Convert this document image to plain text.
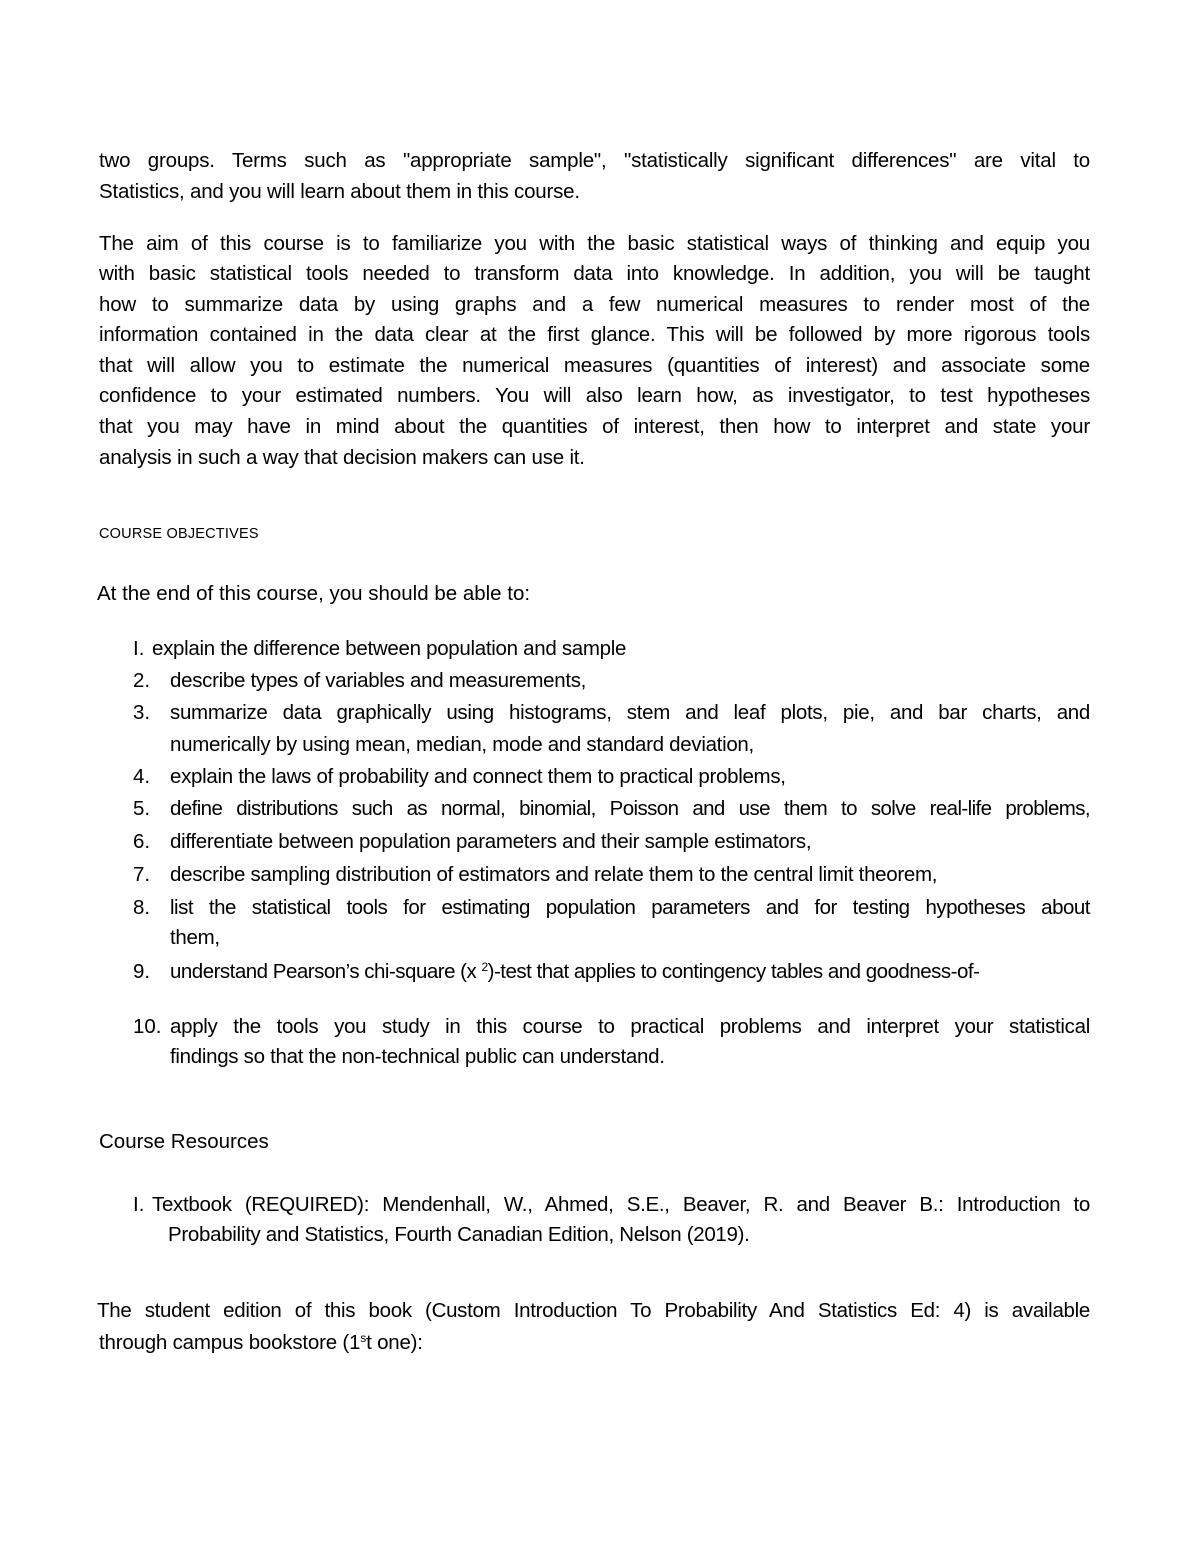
two groups. Terms such as "appropriate sample", "statistically significant differences" are vital to
Statistics, and you will learn about them in this course.
The aim of this course is to familiarize you with the basic statistical ways of thinking and equip you
with basic statistical tools needed to transform data into knowledge. In addition, you will be taught
how to summarize data by using graphs and a few numerical measures to render most of the
information contained in the data clear at the first glance. This will be followed by more rigorous tools
that will allow you to estimate the numerical measures (quantities of interest) and associate some
confidence to your estimated numbers. You will also learn how, as investigator, to test hypotheses
that you may have in mind about the quantities of interest, then how to interpret and state your
analysis in such a way that decision makers can use it.
COURSE OBJECTIVES
At the end of this course, you should be able to:
I. explain the difference between population and sample
2. describe types of variables and measurements,
3. summarize data graphically using histograms, stem and leaf plots, pie, and bar charts, and
numerically by using mean, median, mode and standard deviation,
4. explain the laws of probability and connect them to practical problems,
5. define distributions such as normal, binomial, Poisson and use them to solve real-life problems,
6. differentiate between population parameters and their sample estimators,
7. describe sampling distribution of estimators and relate them to the central limit theorem,
8. list the statistical tools for estimating population parameters and for testing hypotheses about
them,
9. understand Pearson’s chi-square (x $^2$)-test that applies to contingency tables and goodness-of-
10. apply the tools you study in this course to practical problems and interpret your statistical
findings so that the non-technical public can understand.
Course Resources
I. Textbook (REQUIRED): Mendenhall, W., Ahmed, S.E., Beaver, R. and Beaver B.: Introduction to
Probability and Statistics, Fourth Canadian Edition, Nelson (2019).
The student edition of this book (Custom Introduction To Probability And Statistics Ed: 4) is available
through campus bookstore (1$^s$t one):
